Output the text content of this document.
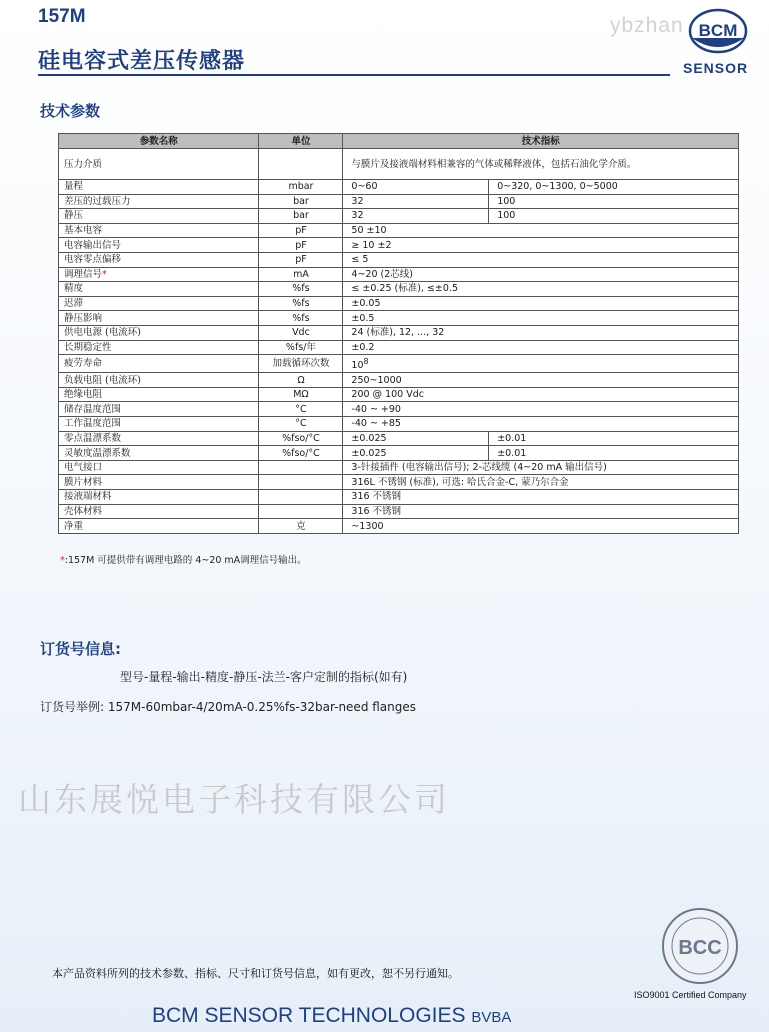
157M
硅电容式差压传感器
ybzhan BCM
SENSOR
技术参数
参数名称	单位	技术指标	
压力介质		与膜片及接液端材料相兼容的气体或稀释液体，包括石油化学介质。	
量程	mbar	0~60	0~320, 0~1300, 0~5000
差压的过载压力	bar	32	100
静压	bar	32	100
基本电容	pF	50 ±10	
电容输出信号	pF	≥ 10 ±2	
电容零点偏移	pF	≤ 5	
调理信号*	mA	4~20 (2芯线)	
精度	%fs	≤ ±0.25 (标准), ≤±0.5	
迟滞	%fs	±0.05	
静压影响	%fs	±0.5	
供电电源 (电流环)	Vdc	24 (标准), 12, ..., 32	
长期稳定性	%fs/年	±0.2	
疲劳寿命	加载循环次数	$10^8$
负载电阻 (电流环)	Ω	250~1000	
绝缘电阻	MΩ	200 @ 100 Vdc	
储存温度范围	°C	-40 ~ +90	
工作温度范围	°C	-40 ~ +85	
零点温漂系数	%fso/°C	±0.025	±0.01
灵敏度温漂系数	%fso/°C	±0.025	±0.01
电气接口		3-针接插件 (电容输出信号); 2-芯线缆 (4~20 mA 输出信号)	
膜片材料		316L 不锈钢 (标准), 可选: 哈氏合金-C, 蒙乃尔合金	
接液端材料		316 不锈钢	
壳体材料		316 不锈钢	
净重	克	~1300	
*:157M 可提供带有调理电路的 4~20 mA调理信号输出。
订货号信息:
型号-量程-输出-精度-静压-法兰-客户定制的指标(如有)
订货号举例: 157M-60mbar-4/20mA-0.25%fs-32bar-need flanges
山东展悦电子科技有限公司
本产品资料所列的技术参数、指标、尺寸和订货号信息，如有更改，恕不另行通知。
BCC
ISO9001 Certified Company
BCM SENSOR TECHNOLOGIES BVBA
